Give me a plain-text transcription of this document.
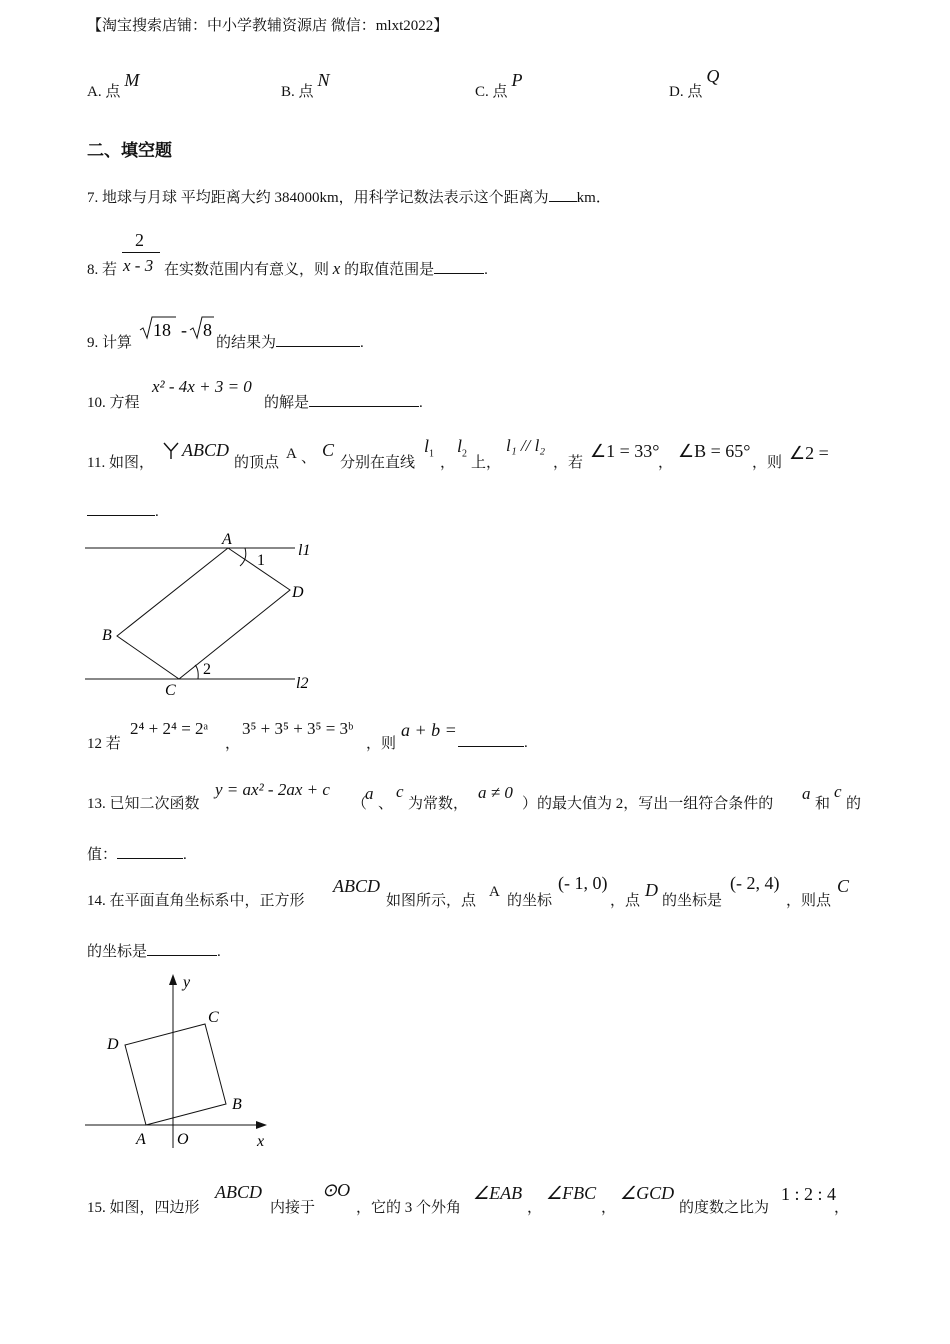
【淘宝搜索店铺：中小学教辅资源店 微信：mlxt2022】
A. 点 M
B. 点 N
C. 点 P
D. 点 Q
二、填空题
7. 地球与月球 平均距离大约 384000km，用科学记数法表示这个距离为 km．
8. 若
2
x - 3 在实数范围内有意义，则 x 的取值范围是	.
9. 计算
18 - 8
的结果为	.
10. 方程
x² - 4x + 3 = 0
的解是	.
11. 如图，
ABCD
的顶点
A 、 C
分别在直线
$l_1$
，
$l_2$
上，
l₁ // l₂
，若
∠1 = 33°
，
∠B = 65°
，则 ∠2 =
.
A
1
l1
D
B
2
C	l2
12 若
2⁴ + 2⁴ = 2ᵃ
，
3⁵ + 3⁵ + 3⁵ = 3ᵇ
，则
a + b =
.
13. 已知二次函数
y = ax² - 2ax + c
（
a
、
c
为常数，
a ≠ 0
）的最大值为 2，写出一组符合条件的
a
和
c
的
值：	.
14. 在平面直角坐标系中，正方形
ABCD
如图所示，点
A
的坐标
(- 1, 0)
，点
D
的坐标是
(- 2, 4)
，则点
C
的坐标是	.
y
C
D
B
A O	x
15. 如图，四边形
ABCD
内接于
⊙O
，它的 3 个外角
∠EAB
，
∠FBC
，
∠GCD
的度数之比为
1 : 2 : 4
，
